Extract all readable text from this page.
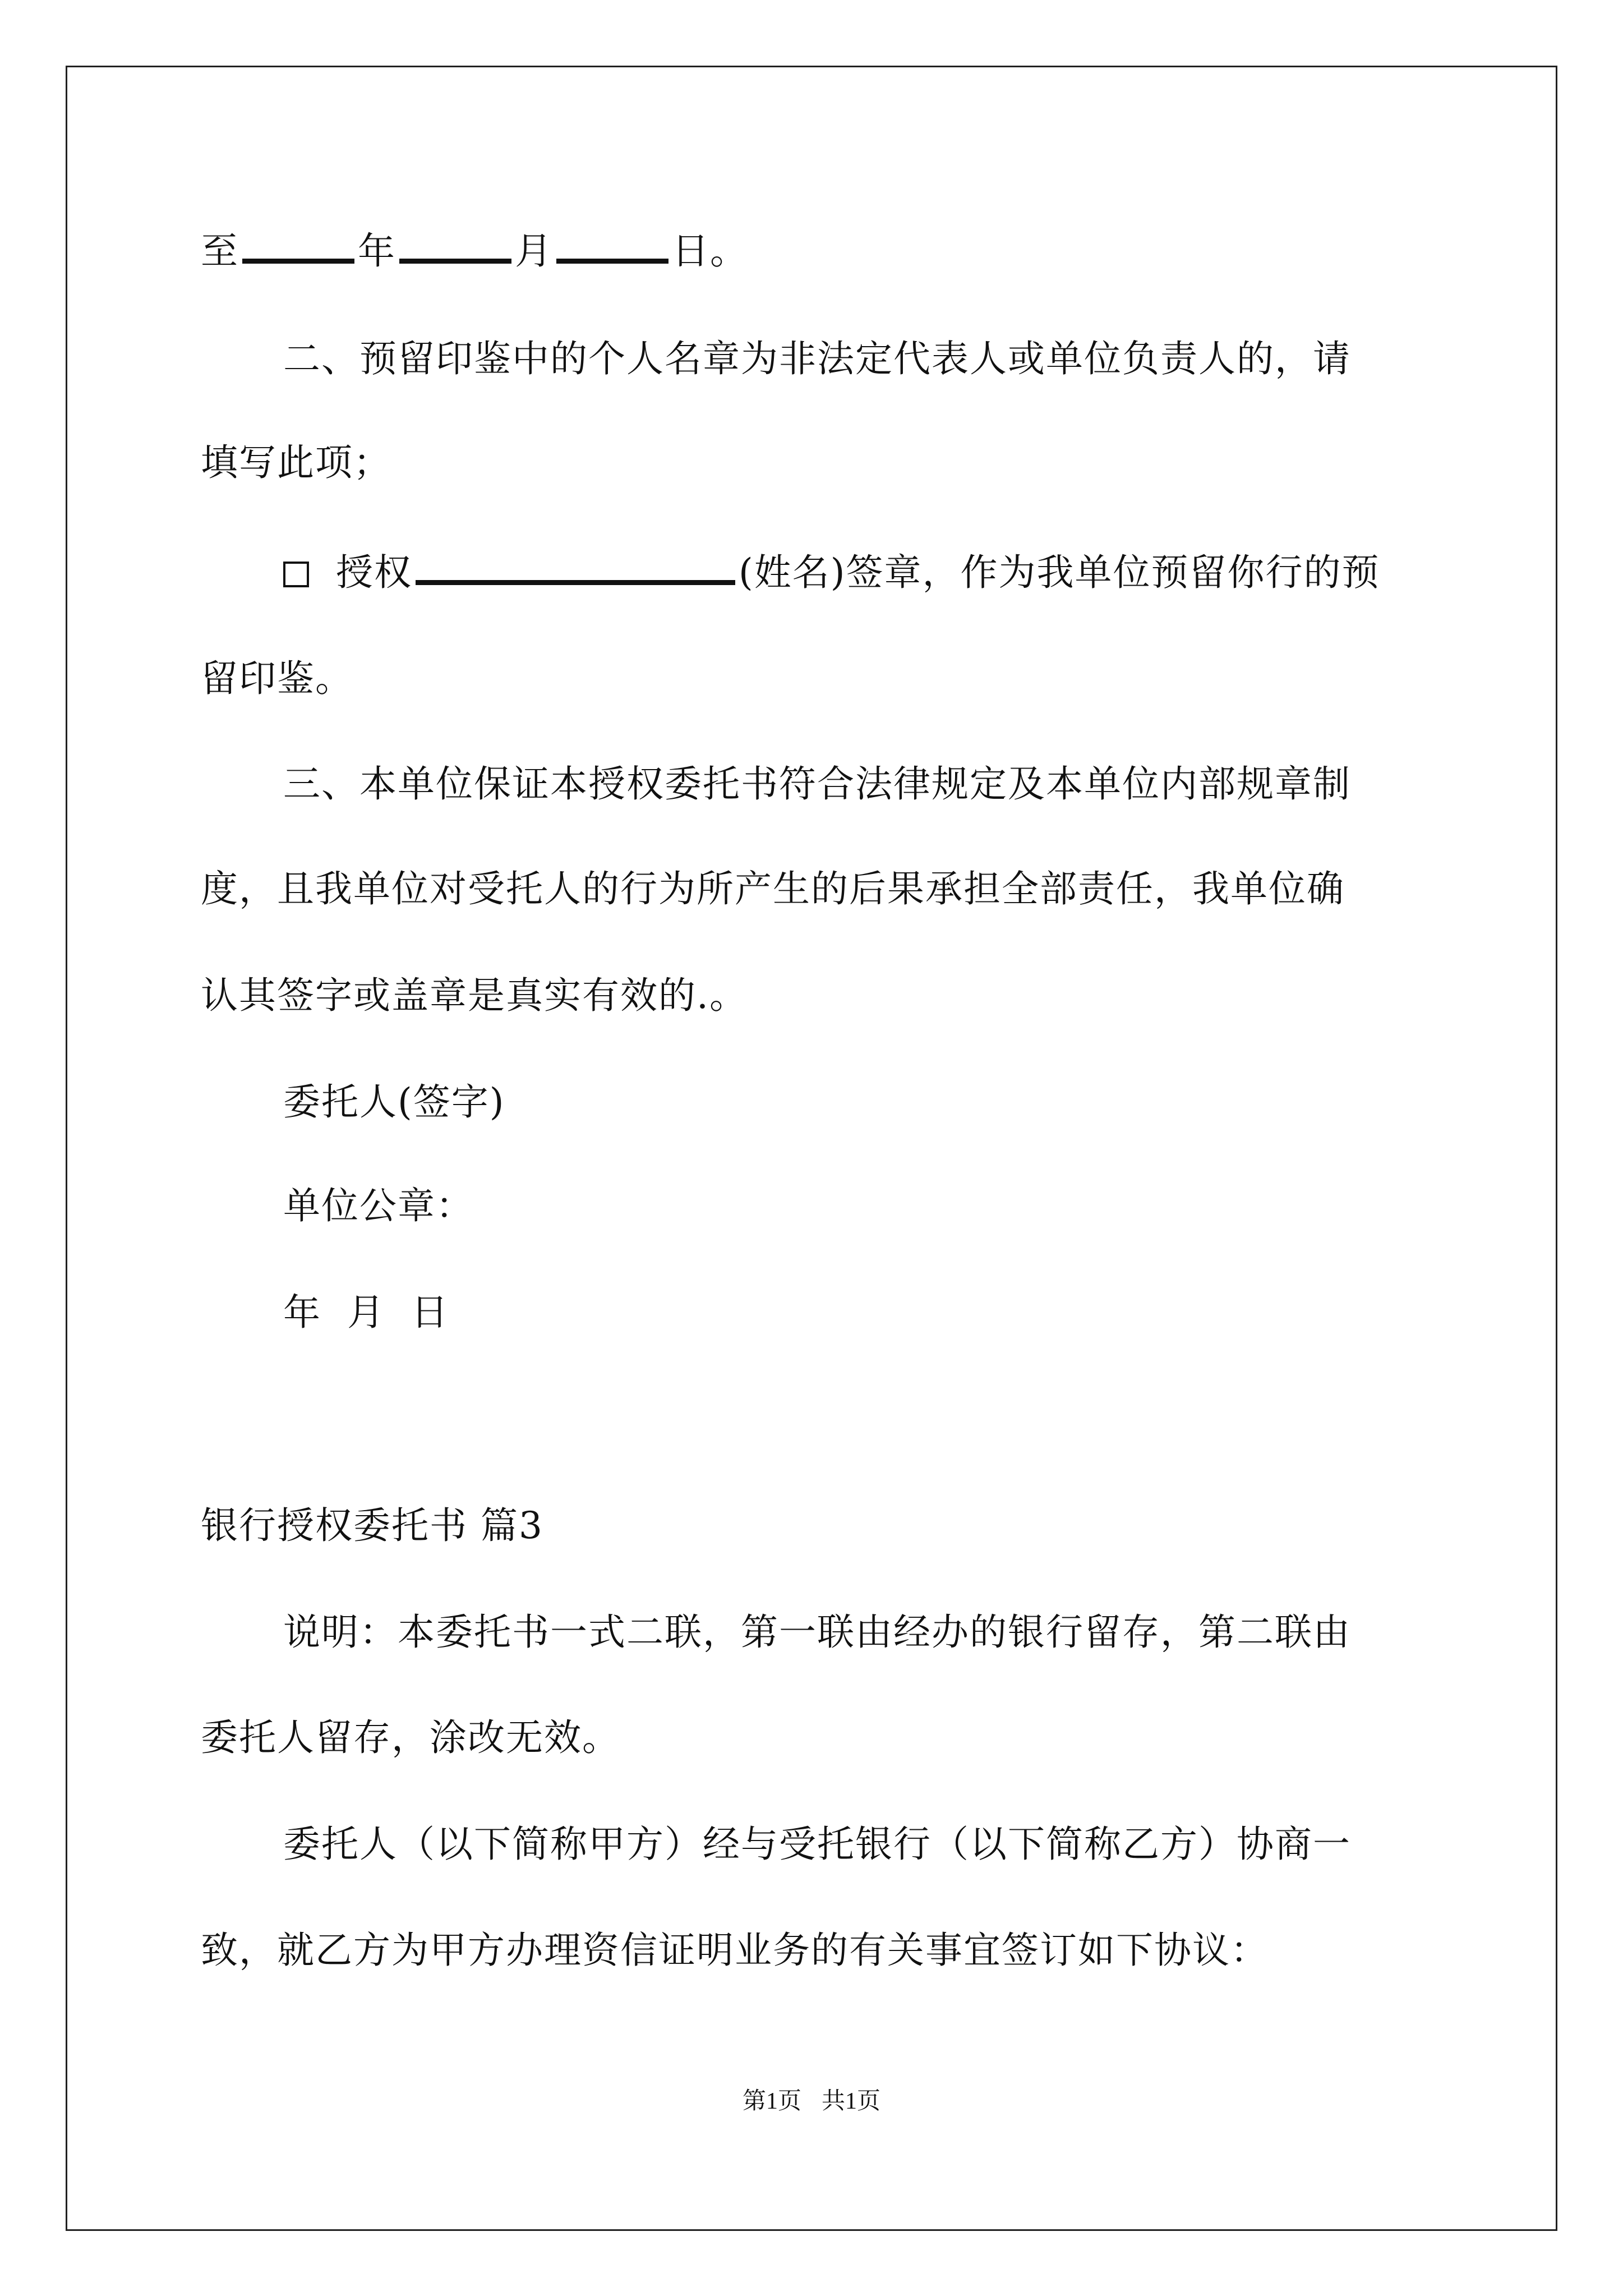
至	年	月	日。
二、预留印鉴中的个人名章为非法定代表人或单位负责人的，请
填写此项；
授权	(姓名)签章，作为我单位预留你行的预
留印鉴。
三、本单位保证本授权委托书符合法律规定及本单位内部规章制
度，且我单位对受托人的行为所产生的后果承担全部责任，我单位确
认其签字或盖章是真实有效的.。
委托人(签字)
单位公章：
年  月  日
银行授权委托书 篇3
说明：本委托书一式二联，第一联由经办的银行留存，第二联由
委托人留存，涂改无效。
委托人（以下简称甲方）经与受托银行（以下简称乙方）协商一
致，就乙方为甲方办理资信证明业务的有关事宜签订如下协议：
第1页 共1页
